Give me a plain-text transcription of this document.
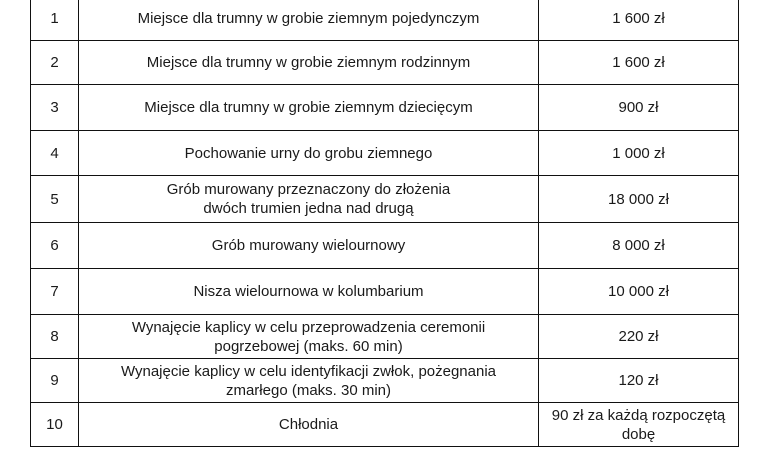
1	Miejsce dla trumny w grobie ziemnym pojedynczym	1 600 zł
2	Miejsce dla trumny w grobie ziemnym rodzinnym	1 600 zł
3	Miejsce dla trumny w grobie ziemnym dziecięcym	900 zł
4	Pochowanie urny do grobu ziemnego	1 000 zł
5	Grób murowany przeznaczony do złożenia
dwóch trumien jedna nad drugą	18 000 zł
6	Grób murowany wielournowy	8 000 zł
7	Nisza wielournowa w kolumbarium	10 000 zł
8	Wynajęcie kaplicy w celu przeprowadzenia ceremonii
pogrzebowej (maks. 60 min)	220 zł
9	Wynajęcie kaplicy w celu identyfikacji zwłok, pożegnania
zmarłego (maks. 30 min)	120 zł
10	Chłodnia	90 zł za każdą rozpoczętą
dobę
